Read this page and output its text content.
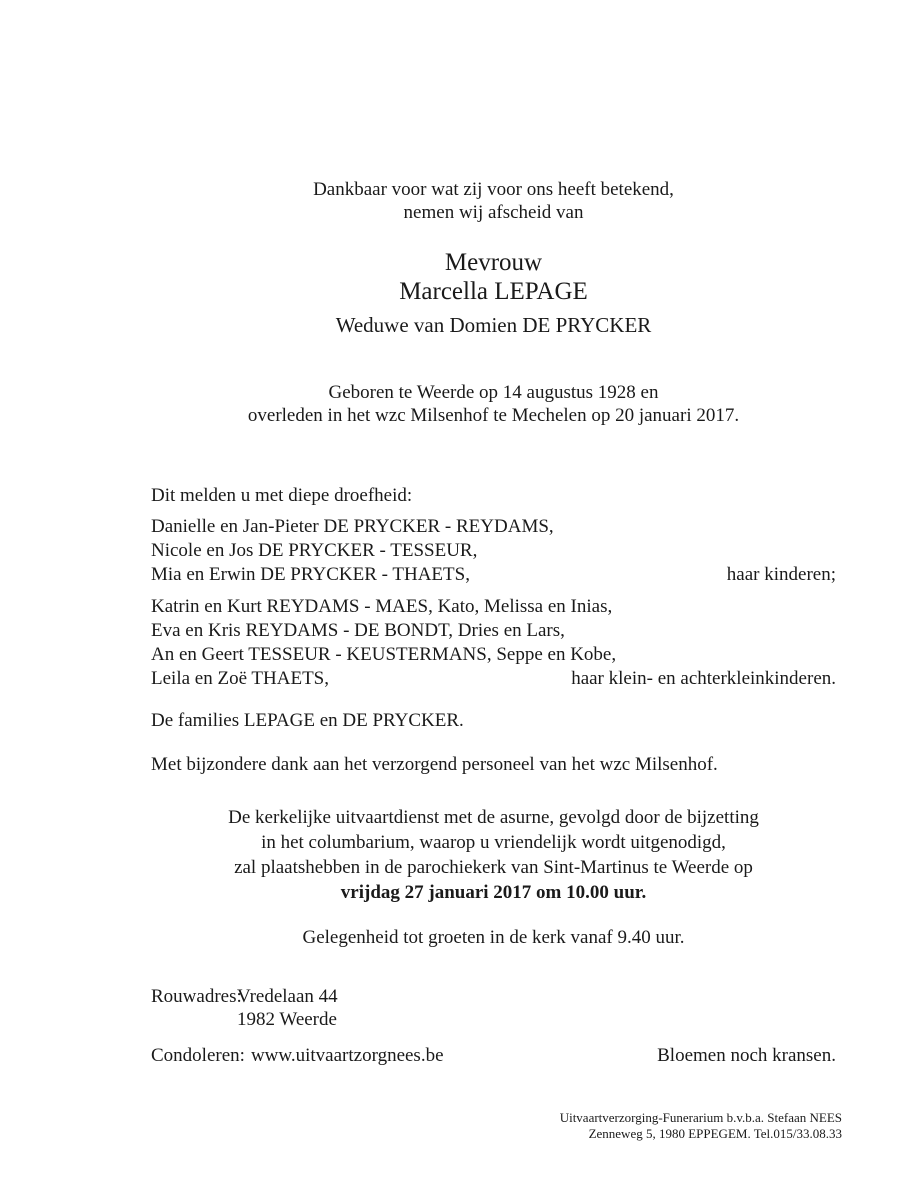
Dankbaar voor wat zij voor ons heeft betekend,
nemen wij afscheid van
Mevrouw
Marcella LEPAGE
Weduwe van Domien DE PRYCKER
Geboren te Weerde op 14 augustus 1928 en
overleden in het wzc Milsenhof te Mechelen op 20 januari 2017.
Dit melden u met diepe droefheid:
Danielle en Jan-Pieter DE PRYCKER - REYDAMS,
Nicole en Jos DE PRYCKER - TESSEUR,
Mia en Erwin DE PRYCKER - THAETS,	haar kinderen;
Katrin en Kurt REYDAMS - MAES, Kato, Melissa en Inias,
Eva en Kris REYDAMS - DE BONDT, Dries en Lars,
An en Geert TESSEUR - KEUSTERMANS, Seppe en Kobe,
Leila en Zoë THAETS,	haar klein- en achterkleinkinderen.
De families LEPAGE en DE PRYCKER.
Met bijzondere dank aan het verzorgend personeel van het wzc Milsenhof.
De kerkelijke uitvaartdienst met de asurne, gevolgd door de bijzetting
in het columbarium, waarop u vriendelijk wordt uitgenodigd,
zal plaatshebben in de parochiekerk van Sint-Martinus te Weerde op
vrijdag 27 januari 2017 om 10.00 uur.
Gelegenheid tot groeten in de kerk vanaf 9.40 uur.
Rouwadres:
Vredelaan 44
1982 Weerde
Condoleren: www.uitvaartzorgnees.be	Bloemen noch kransen.
Uitvaartverzorging-Funerarium b.v.b.a. Stefaan NEES
Zenneweg 5, 1980 EPPEGEM. Tel.015/33.08.33
